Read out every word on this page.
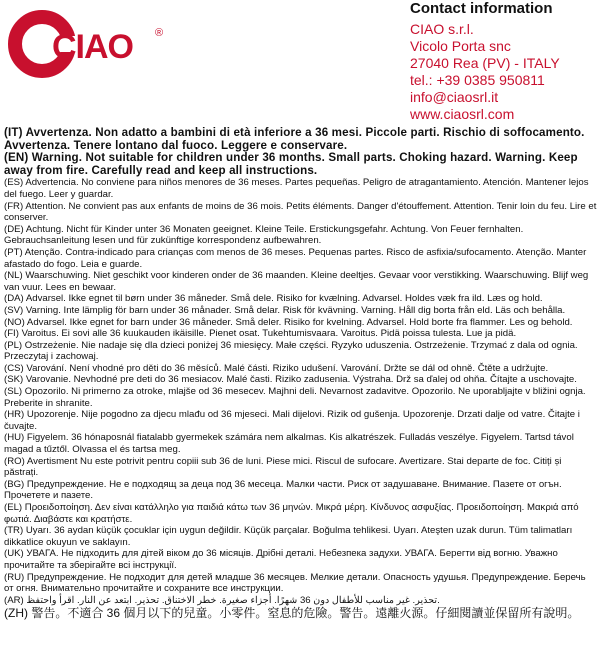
CIAO ®
Contact information
CIAO s.r.l.
Vicolo Porta snc
27040 Rea (PV) - ITALY
tel.: +39 0385 950811
info@ciaosrl.it
www.ciaosrl.com
(IT) Avvertenza. Non adatto a bambini di età inferiore a 36 mesi. Piccole parti. Rischio di soffocamento. Avvertenza. Tenere lontano dal fuoco. Leggere e conservare.
(EN) Warning. Not suitable for children under 36 months. Small parts. Choking hazard. Warning. Keep away from fire. Carefully read and keep all instructions.
(ES) Advertencia. No conviene para niños menores de 36 meses. Partes pequeñas. Peligro de atragantamiento. Atención. Mantener lejos del fuego. Leer y guardar.
(FR) Attention. Ne convient pas aux enfants de moins de 36 mois. Petits éléments. Danger d'étouffement. Attention. Tenir loin du feu. Lire et conserver.
(DE) Achtung. Nicht für Kinder unter 36 Monaten geeignet. Kleine Teile. Erstickungsgefahr. Achtung. Von Feuer fernhalten. Gebrauchsanleitung lesen und für zukünftige korrespondenz aufbewahren.
(PT) Atenção. Contra-indicado para crianças com menos de 36 meses. Pequenas partes. Risco de asfixia/sufocamento. Atenção. Manter afastado do fogo. Leia e guarde.
(NL) Waarschuwing. Niet geschikt voor kinderen onder de 36 maanden. Kleine deeltjes. Gevaar voor verstikking. Waarschuwing. Blijf weg van vuur. Lees en bewaar.
(DA) Advarsel. Ikke egnet til børn under 36 måneder. Små dele. Risiko for kvælning. Advarsel. Holdes væk fra ild. Læs og hold.
(SV) Varning. Inte lämplig för barn under 36 månader. Små delar. Risk för kvävning. Varning. Håll dig borta från eld. Läs och behålla.
(NO) Advarsel. Ikke egnet for barn under 36 måneder. Små deler. Risiko for kvelning. Advarsel. Hold borte fra flammer. Les og behold.
(FI) Varoitus. Ei sovi alle 36 kuukauden ikäisille. Pienet osat. Tukehtumisvaara. Varoitus. Pidä poissa tulesta. Lue ja pidä.
(PL) Ostrzeżenie. Nie nadaje się dla dzieci poniżej 36 miesięcy. Małe części. Ryzyko uduszenia. Ostrzeżenie. Trzymać z dala od ognia. Przeczytaj i zachowaj.
(CS) Varování. Není vhodné pro děti do 36 měsíců. Malé části. Riziko udušení. Varování. Držte se dál od ohně. Čtěte a udržujte.
(SK) Varovanie. Nevhodné pre deti do 36 mesiacov. Malé časti. Riziko zadusenia. Výstraha. Drž sa ďalej od ohňa. Čítajte a uschovajte.
(SL) Opozorilo. Ni primerno za otroke, mlajše od 36 mesecev. Majhni deli. Nevarnost zadavitve. Opozorilo. Ne uporabljajte v bližini ognja. Preberite in shranite.
(HR) Upozorenje. Nije pogodno za djecu mlađu od 36 mjeseci. Mali dijelovi. Rizik od gušenja. Upozorenje. Drzati dalje od vatre. Čitajte i čuvajte.
(HU) Figyelem. 36 hónaposnál fiatalabb gyermekek számára nem alkalmas. Kis alkatrészek. Fulladás veszélye. Figyelem. Tartsd távol magad a tűztől. Olvassa el és tartsa meg.
(RO) Avertisment Nu este potrivit pentru copiii sub 36 de luni. Piese mici. Riscul de sufocare. Avertizare. Stai departe de foc. Citiți și păstrați.
(BG) Предупреждение. Не е подходящ за деца под 36 месеца. Малки части. Риск от задушаване. Внимание. Пазете от огън. Прочетете и пазете.
(EL) Προειδοποίηση. Δεν είναι κατάλληλο για παιδιά κάτω των 36 μηνών. Μικρά μέρη. Κίνδυνος ασφυξίας. Προειδοποίηση. Μακριά από φωτιά. Διαβάστε και κρατήστε.
(TR) Uyarı. 36 aydan küçük çocuklar için uygun değildir. Küçük parçalar. Boğulma tehlikesi. Uyarı. Ateşten uzak durun. Tüm talimatları dikkatlice okuyun ve saklayın.
(UK) УВАГА. Не підходить для дітей віком до 36 місяців. Дрібні деталі. Небезпека задухи. УВАГА. Берегти від вогню. Уважно прочитайте та зберігайте всі інструкції.
(RU) Предупреждение. Не подходит для детей младше 36 месяцев. Мелкие детали. Опасность удушья. Предупреждение. Беречь от огня. Внимательно прочитайте и сохраните все инструкции.
(AR) تحذير. غير مناسب للأطفال دون 36 شهرًا. أجزاء صغيرة. خطر الاختناق. تحذير. ابتعد عن النار. اقرأ واحتفظ.
(ZH) 警告。不適合 36 個月以下的兒童。小零件。窒息的危險。警告。遠離火源。仔細閱讀並保留所有說明。
